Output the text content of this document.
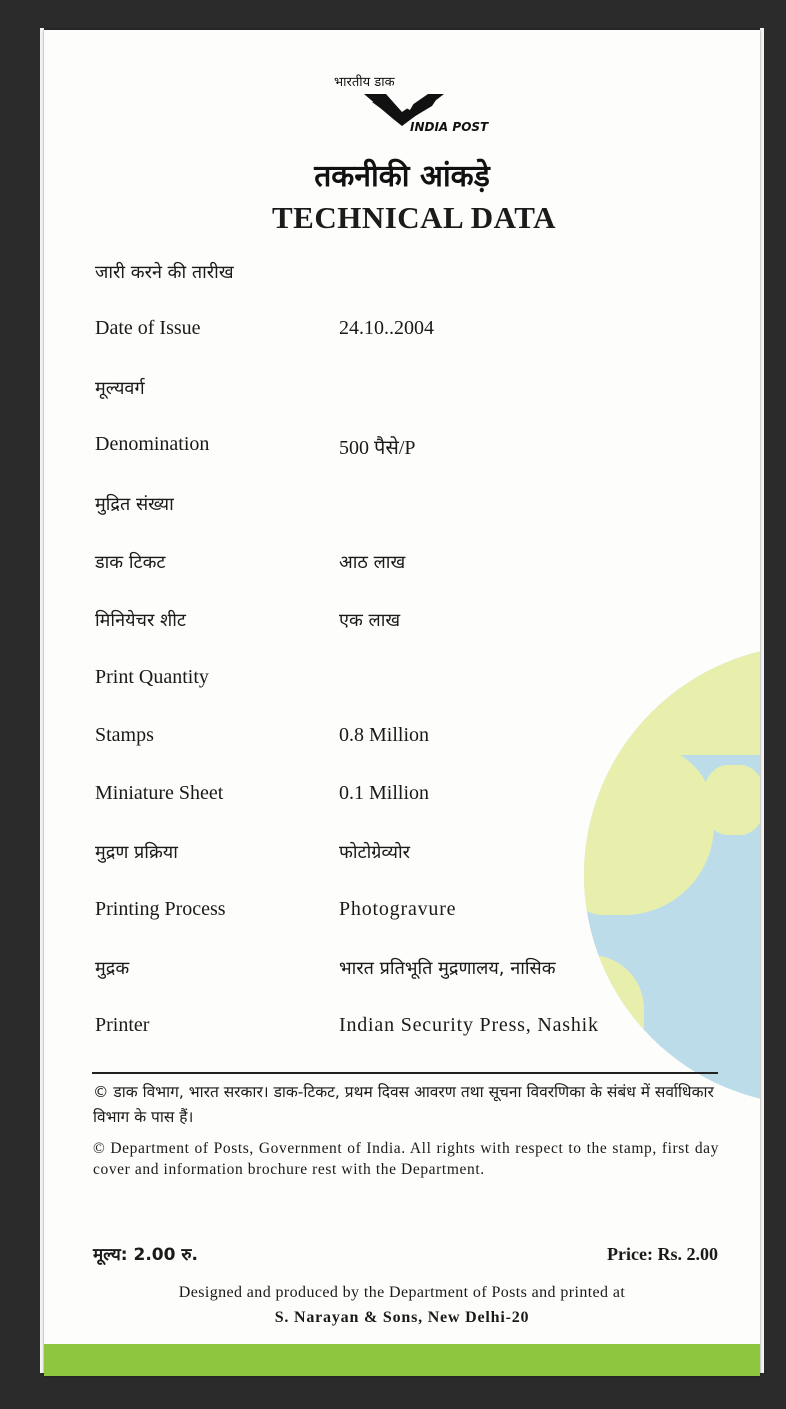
भारतीय डाक
INDIA POST
तकनीकी आंकड़े
TECHNICAL DATA
जारी करने की तारीख
Date of Issue	24.10..2004
मूल्यवर्ग
Denomination	500 पैसे/P
मुद्रित संख्या
डाक टिकट	आठ लाख
मिनियेचर शीट	एक लाख
Print Quantity
Stamps	0.8 Million
Miniature Sheet	0.1 Million
मुद्रण प्रक्रिया	फोटोग्रेव्योर
Printing Process	Photogravure
मुद्रक	भारत प्रतिभूति मुद्रणालय, नासिक
Printer	Indian Security Press, Nashik
© डाक विभाग, भारत सरकार। डाक-टिकट, प्रथम दिवस आवरण तथा सूचना विवरणिका के संबंध में सर्वाधिकार विभाग के पास हैं।
© Department of Posts, Government of India. All rights with respect to the stamp, first day cover and information brochure rest with the Department.
मूल्य: 2.00 रु.	Price: Rs. 2.00
Designed and produced by the Department of Posts and printed at
S. Narayan & Sons, New Delhi-20
